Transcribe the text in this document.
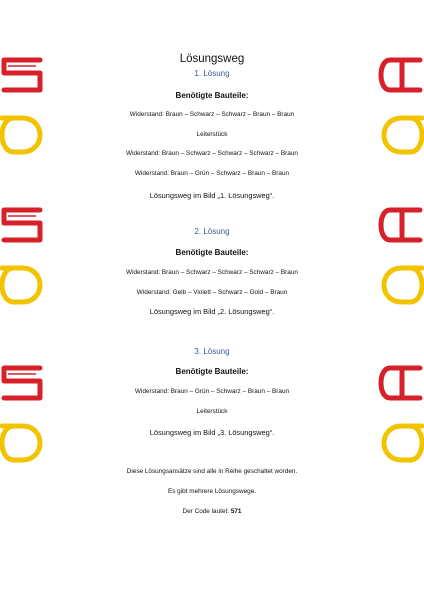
Lösungsweg
1. Lösung
Benötigte Bauteile:
Widerstand: Braun – Schwarz – Schwarz – Braun – Braun
Leiterstück
Widerstand: Braun – Schwarz – Schwarz – Schwarz – Braun
Widerstand: Braun – Grün – Schwarz – Braun – Braun
Lösungsweg im Bild „1. Lösungsweg“.
2. Lösung
Benötigte Bauteile:
Widerstand: Braun – Schwarz – Schwarz – Schwarz – Braun
Widerstand: Gelb – Violett – Schwarz – Gold – Braun
Lösungsweg im Bild „2. Lösungsweg“.
3. Lösung
Benötigte Bauteile:
Widerstand: Braun – Grün – Schwarz – Braun – Braun
Leiterstück
Lösungsweg im Bild „3. Lösungsweg“.
Diese Lösungsansätze sind alle in Reihe geschaltet worden.
Es gibt mehrere Lösungswege.
Der Code lautet: 571
